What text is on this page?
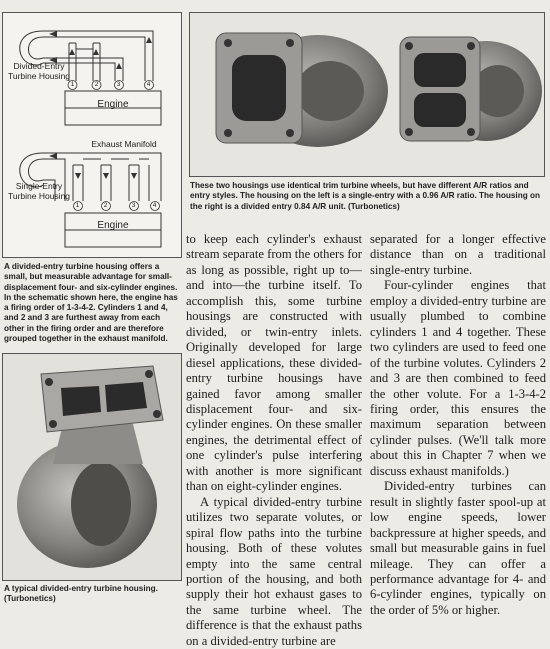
Divided-Entry
Turbine Housing
Engine
Exhaust Manifold
Single-Entry
Turbine Housing
Engine
1	2	3	4
1	2	3	4
A divided-entry turbine housing offers a small, but measurable advantage for small-displacement four- and six-cylinder engines. In the schematic shown here, the engine has a firing order of 1-3-4-2. Cylinders 1 and 4, and 2 and 3 are furthest away from each other in the firing order and are therefore grouped together in the exhaust manifold.
These two housings use identical trim turbine wheels, but have different A/R ratios and entry styles. The housing on the left is a single-entry with a 0.96 A/R ratio. The housing on the right is a divided entry 0.84 A/R unit. (Turbonetics)
A typical divided-entry turbine housing. (Turbonetics)

to keep each cylinder's exhaust stream separate from the others for as long as possible, right up to—and into—the turbine itself. To accomplish this, some turbine housings are constructed with divided, or twin-entry inlets. Originally developed for large diesel applications, these divided-entry turbine housings have gained favor among smaller displacement four- and six-cylinder engines. On these smaller engines, the detrimental effect of one cylinder's pulse interfering with another is more significant than on eight-cylinder engines.

A typical divided-entry turbine utilizes two separate volutes, or spiral flow paths into the turbine housing. Both of these volutes empty into the same central portion of the housing, and both supply their hot exhaust gases to the same turbine wheel. The difference is that the exhaust paths on a divided-entry turbine are

separated for a longer effective distance than on a traditional single-entry turbine.

Four-cylinder engines that employ a divided-entry turbine are usually plumbed to combine cylinders 1 and 4 together. These two cylinders are used to feed one of the turbine volutes. Cylinders 2 and 3 are then combined to feed the other volute. For a 1-3-4-2 firing order, this ensures the maximum separation between cylinder pulses. (We'll talk more about this in Chapter 7 when we discuss exhaust manifolds.)

Divided-entry turbines can result in slightly faster spool-up at low engine speeds, lower backpressure at higher speeds, and small but measurable gains in fuel mileage. They can offer a performance advantage for 4- and 6-cylinder engines, typically on the order of 5% or higher.
